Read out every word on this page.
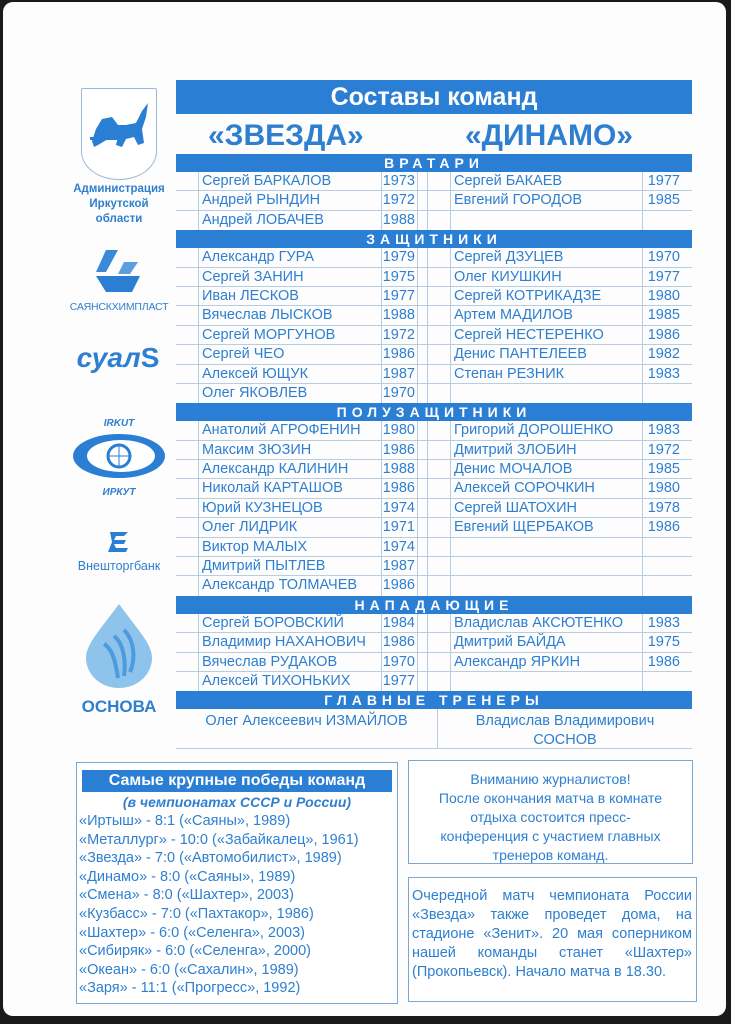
Администрация
Иркутской
области
САЯНСКХИМПЛАСТ
суал​S
IRKUT
ИРКУТ
Внешторгбанк
ОСНОВА
Составы команд
«ЗВЕЗДА»	«ДИНАМО»
ВРАТАРИ
Сергей БАРКАЛОВ	1973	Сергей БАКАЕВ	1977
Андрей РЫНДИН	1972	Евгений ГОРОДОВ	1985
Андрей ЛОБАЧЕВ	1988
ЗАЩИТНИКИ
Александр ГУРА	1979	Сергей ДЗУЦЕВ	1970
Сергей ЗАНИН	1975	Олег КИУШКИН	1977
Иван ЛЕСКОВ	1977	Сергей КОТРИКАДЗЕ	1980
Вячеслав ЛЫСКОВ	1988	Артем МАДИЛОВ	1985
Сергей МОРГУНОВ	1972	Сергей НЕСТЕРЕНКО	1986
Сергей ЧЕО	1986	Денис ПАНТЕЛЕЕВ	1982
Алексей ЮЩУК	1987	Степан РЕЗНИК	1983
Олег ЯКОВЛЕВ	1970
ПОЛУЗАЩИТНИКИ
Анатолий АГРОФЕНИН	1980	Григорий ДОРОШЕНКО	1983
Максим ЗЮЗИН	1986	Дмитрий ЗЛОБИН	1972
Александр КАЛИНИН	1988	Денис МОЧАЛОВ	1985
Николай КАРТАШОВ	1986	Алексей СОРОЧКИН	1980
Юрий КУЗНЕЦОВ	1974	Сергей ШАТОХИН	1978
Олег ЛИДРИК	1971	Евгений ЩЕРБАКОВ	1986
Виктор МАЛЫХ	1974
Дмитрий ПЫТЛЕВ	1987
Александр ТОЛМАЧЕВ	1986
НАПАДАЮЩИЕ
Сергей БОРОВСКИЙ	1984	Владислав АКСЮТЕНКО	1983
Владимир НАХАНОВИЧ	1986	Дмитрий БАЙДА	1975
Вячеслав РУДАКОВ	1970	Александр ЯРКИН	1986
Алексей ТИХОНЬКИХ	1977
ГЛАВНЫЕ ТРЕНЕРЫ
Олег Алексеевич ИЗМАЙЛОВ	Владислав Владимирович
СОСНОВ
Самые крупные победы команд
(в чемпионатах СССР и России)
«Иртыш» - 8:1 («Саяны», 1989)
«Металлург» - 10:0 («Забайкалец», 1961)
«Звезда» - 7:0 («Автомобилист», 1989)
«Динамо» - 8:0 («Саяны», 1989)
«Смена» - 8:0 («Шахтер», 2003)
«Кузбасс» - 7:0 («Пахтакор», 1986)
«Шахтер» - 6:0 («Селенга», 2003)
«Сибиряк» - 6:0 («Селенга», 2000)
«Океан» - 6:0 («Сахалин», 1989)
«Заря» - 11:1 («Прогресс», 1992)
Вниманию журналистов!
После окончания матча в комнате
отдыха состоится пресс-
конференция с участием главных
тренеров команд.
Очередной матч чемпионата России «Звезда» также проведет дома, на стадионе «Зенит». 20 мая соперником нашей команды станет «Шахтер» (Прокопьевск). Начало матча в 18.30.
